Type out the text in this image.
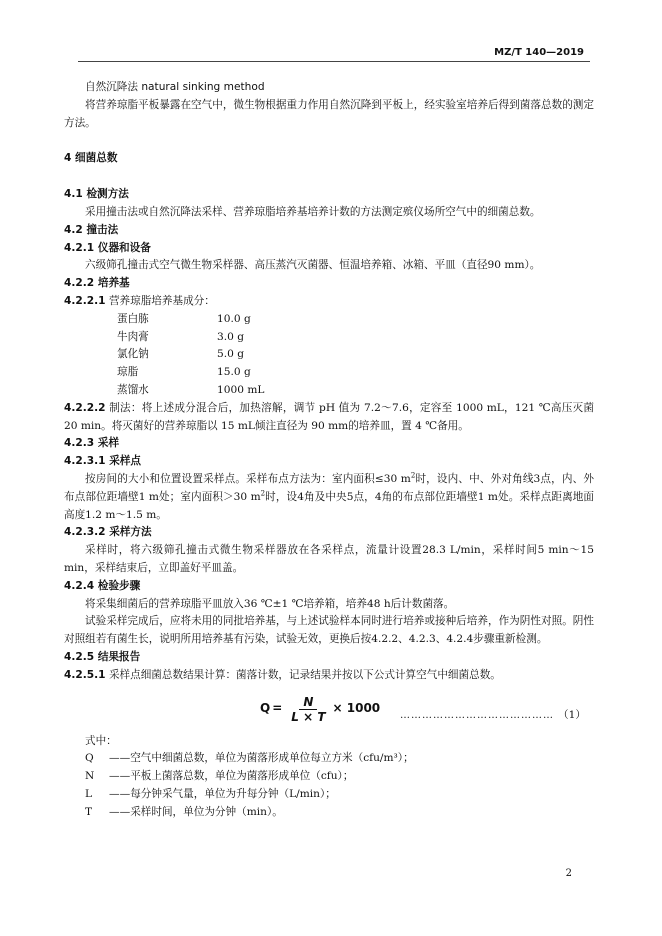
MZ/T 140—2019

自然沉降法 natural sinking method

将营养琼脂平板暴露在空气中，微生物根据重力作用自然沉降到平板上，经实验室培养后得到菌落总数的测定方法。

4 细菌总数

4.1 检测方法

采用撞击法或自然沉降法采样、营养琼脂培养基培养计数的方法测定殡仪场所空气中的细菌总数。

4.2 撞击法

4.2.1 仪器和设备

六级筛孔撞击式空气微生物采样器、高压蒸汽灭菌器、恒温培养箱、冰箱、平皿（直径90 mm）。

4.2.2 培养基

4.2.2.1 营养琼脂培养基成分：

蛋白胨	10.0 g
牛肉膏	3.0 g
氯化钠	5.0 g
琼脂	15.0 g
蒸馏水	1000 mL

4.2.2.2 制法：将上述成分混合后，加热溶解，调节 pH 值为 7.2～7.6，定容至 1000 mL，121 ℃高压灭菌 20 min。将灭菌好的营养琼脂以 15 mL倾注直径为 90 mm的培养皿，置 4 ℃备用。

4.2.3 采样

4.2.3.1 采样点

按房间的大小和位置设置采样点。采样布点方法为：室内面积≤30 $m^2$时，设内、中、外对角线3点，内、外布点部位距墙壁1 m处；室内面积＞30 $m^2$时，设4角及中央5点，4角的布点部位距墙壁1 m处。采样点距离地面高度1.2 m～1.5 m。

4.2.3.2 采样方法

采样时，将六级筛孔撞击式微生物采样器放在各采样点，流量计设置28.3 L/min，采样时间5 min～15 min，采样结束后，立即盖好平皿盖。

4.2.4 检验步骤

将采集细菌后的营养琼脂平皿放入36 ℃±1 ℃培养箱，培养48 h后计数菌落。

试验采样完成后，应将未用的同批培养基，与上述试验样本同时进行培养或接种后培养，作为阴性对照。阴性对照组若有菌生长，说明所用培养基有污染，试验无效，更换后按4.2.2、4.2.3、4.2.4步骤重新检测。

4.2.5 结果报告

4.2.5.1 采样点细菌总数结果计算：菌落计数，记录结果并按以下公式计算空气中细菌总数。

$Q = \frac{N}{L \times T} \times 1000$ …………………………………… （1）

式中：

Q	——空气中细菌总数，单位为菌落形成单位每立方米（cfu/m³）；
N	——平板上菌落总数，单位为菌落形成单位（cfu）；
L	——每分钟采气量，单位为升每分钟（L/min）；
T	——采样时间，单位为分钟（min）。
2
